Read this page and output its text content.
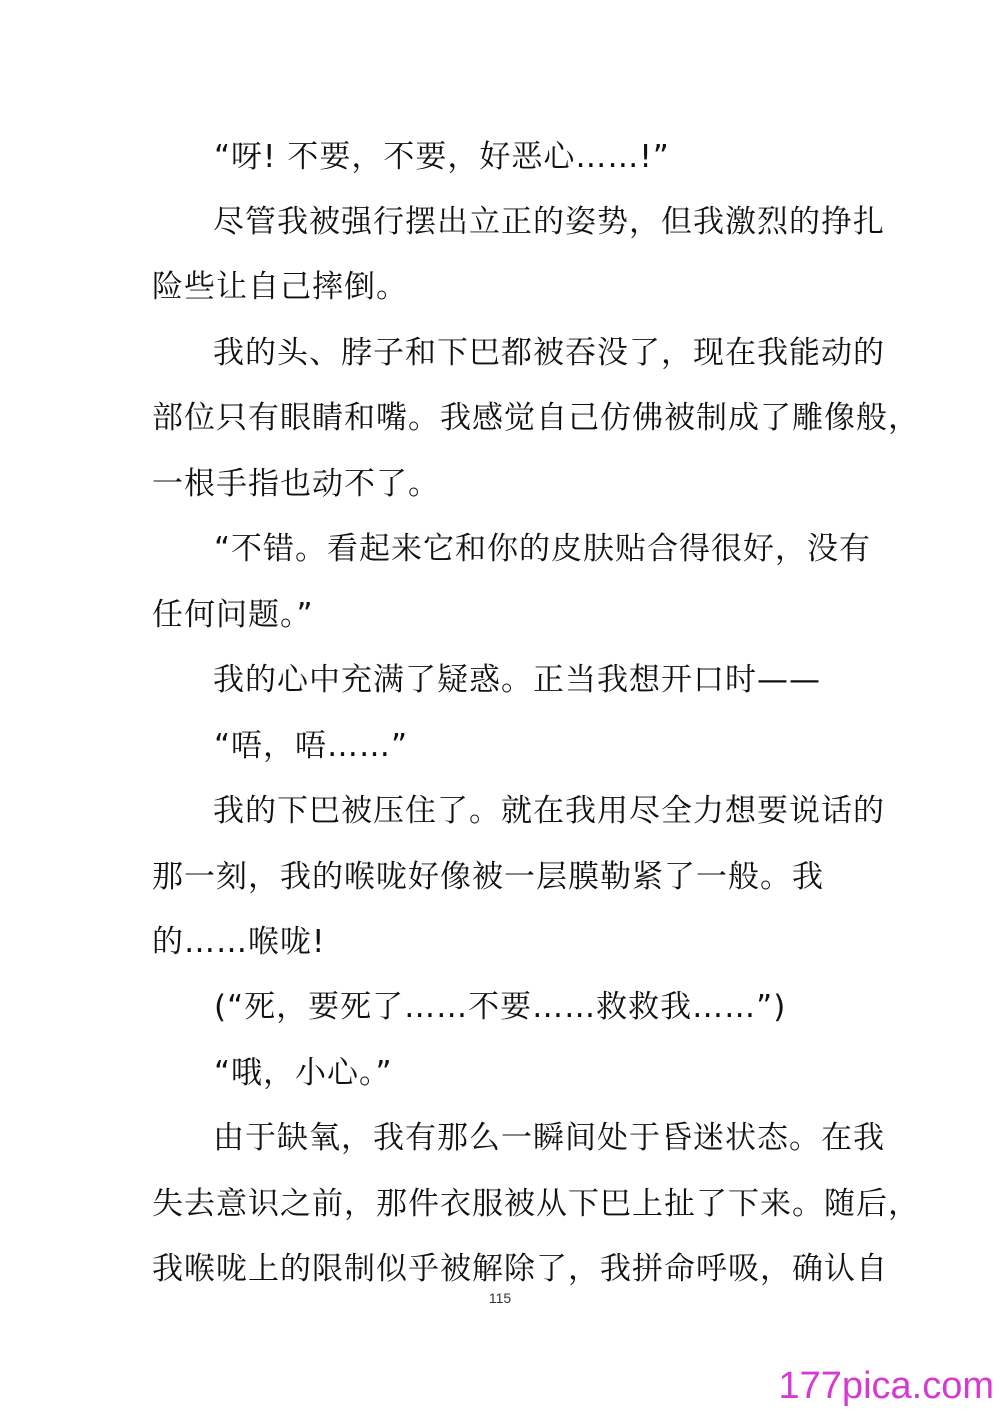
“呀! 不要，不要，好恶心……!”
尽管我被强行摆出立正的姿势，但我激烈的挣扎
险些让自己摔倒。
我的头、脖子和下巴都被吞没了，现在我能动的
部位只有眼睛和嘴。我感觉自己仿佛被制成了雕像般，
一根手指也动不了。
“不错。看起来它和你的皮肤贴合得很好，没有
任何问题。”
我的心中充满了疑惑。正当我想开口时——
“唔，唔……”
我的下巴被压住了。就在我用尽全力想要说话的
那一刻，我的喉咙好像被一层膜勒紧了一般。我
的……喉咙!
(“死，要死了……不要……救救我……”)
“哦，小心。”
由于缺氧，我有那么一瞬间处于昏迷状态。在我
失去意识之前，那件衣服被从下巴上扯了下来。随后，
我喉咙上的限制似乎被解除了，我拼命呼吸，确认自
115
177pica.com
